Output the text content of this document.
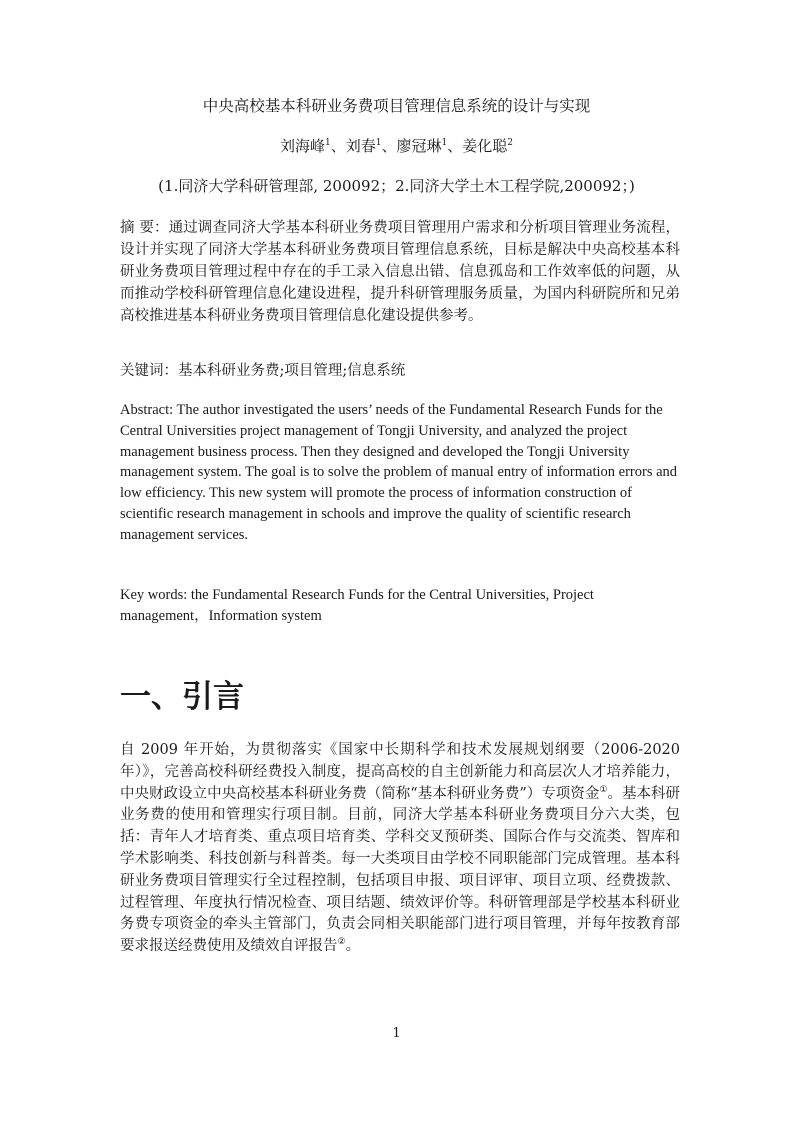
中央高校基本科研业务费项目管理信息系统的设计与实现
刘海峰$^1$、刘春$^1$、廖冠琳$^1$、姜化聪$^2$
(1.同济大学科研管理部, 200092；2.同济大学土木工程学院,200092；)
摘 要：通过调查同济大学基本科研业务费项目管理用户需求和分析项目管理业务流程，设计并实现了同济大学基本科研业务费项目管理信息系统，目标是解决中央高校基本科研业务费项目管理过程中存在的手工录入信息出错、信息孤岛和工作效率低的问题，从而推动学校科研管理信息化建设进程，提升科研管理服务质量，为国内科研院所和兄弟高校推进基本科研业务费项目管理信息化建设提供参考。
关键词：基本科研业务费;项目管理;信息系统
Abstract: The author investigated the users’ needs of the Fundamental Research Funds for the Central Universities project management of Tongji University, and analyzed the project management business process. Then they designed and developed the Tongji University management system. The goal is to solve the problem of manual entry of information errors and low efficiency. This new system will promote the process of information construction of scientific research management in schools and improve the quality of scientific research management services.
Key words: the Fundamental Research Funds for the Central Universities, Project management，Information system
一、引言
自 2009 年开始，为贯彻落实《国家中长期科学和技术发展规划纲要（2006-2020 年）》，完善高校科研经费投入制度，提高高校的自主创新能力和高层次人才培养能力，中央财政设立中央高校基本科研业务费（简称“基本科研业务费”）专项资金①。基本科研业务费的使用和管理实行项目制。目前，同济大学基本科研业务费项目分六大类，包括：青年人才培育类、重点项目培育类、学科交叉预研类、国际合作与交流类、智库和学术影响类、科技创新与科普类。每一大类项目由学校不同职能部门完成管理。基本科研业务费项目管理实行全过程控制，包括项目申报、项目评审、项目立项、经费拨款、过程管理、年度执行情况检查、项目结题、绩效评价等。科研管理部是学校基本科研业务费专项资金的牵头主管部门，负责会同相关职能部门进行项目管理，并每年按教育部要求报送经费使用及绩效自评报告②。
1
